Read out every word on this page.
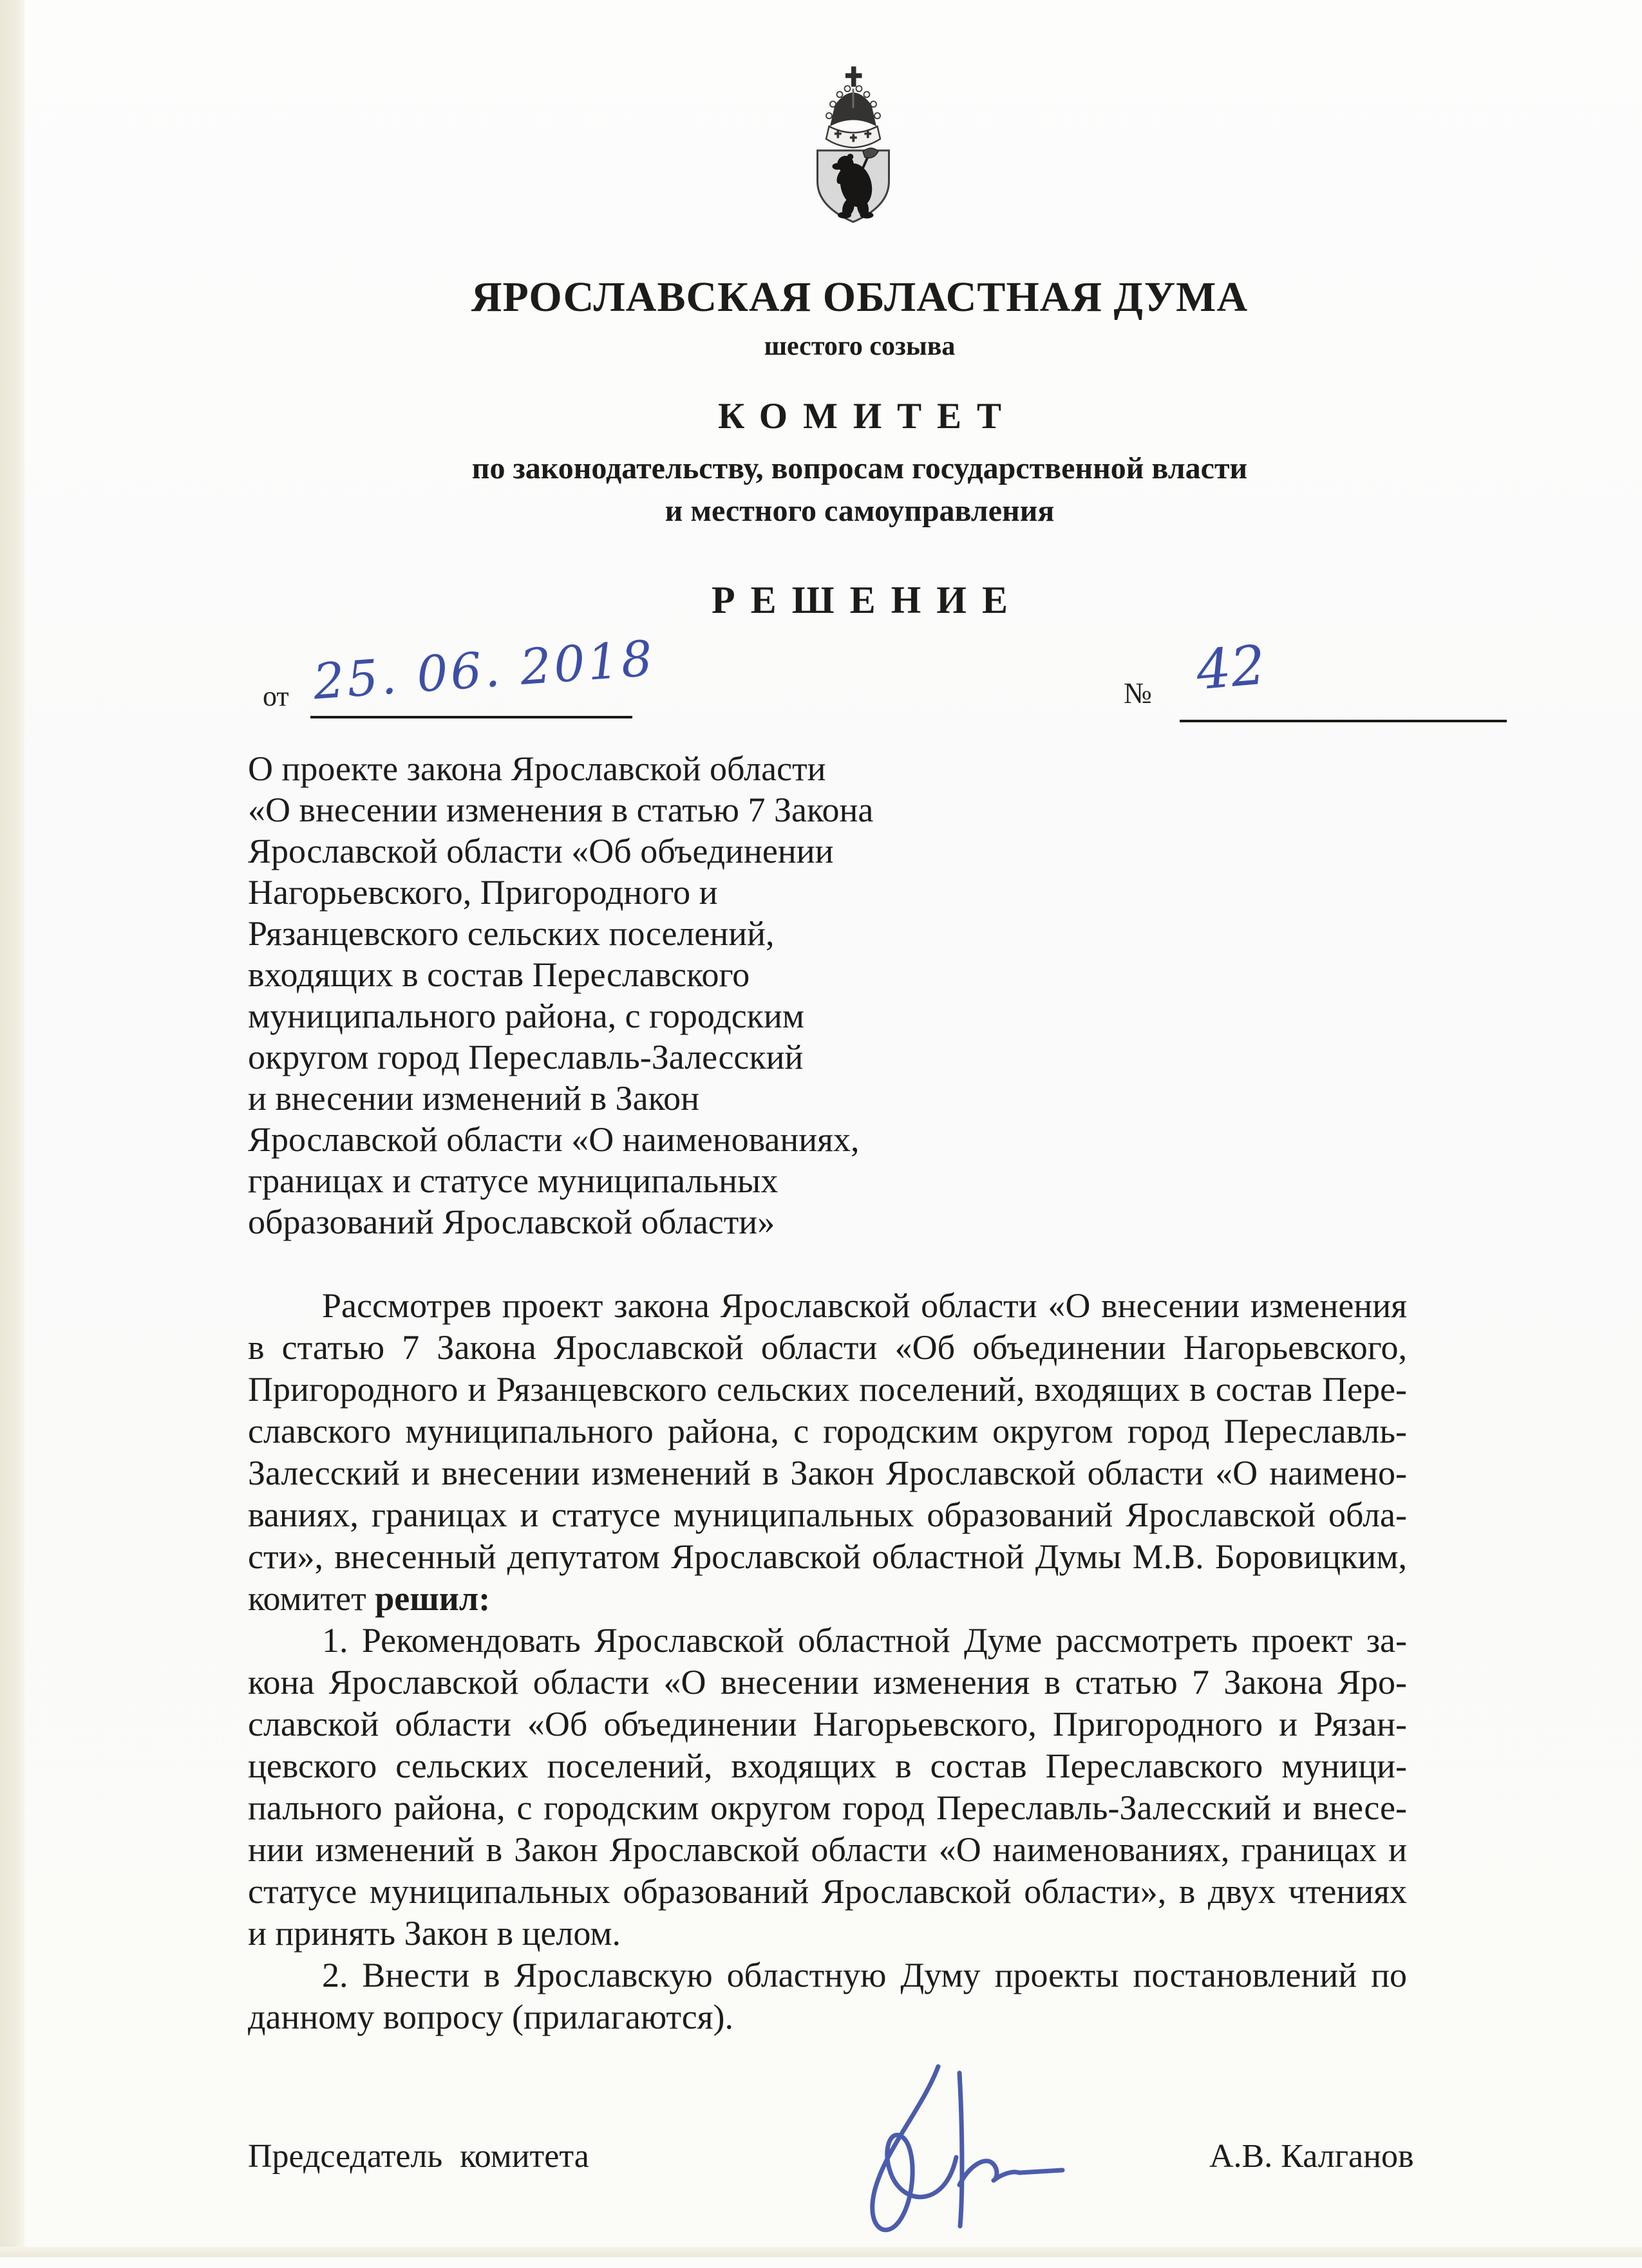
ЯРОСЛАВСКАЯ ОБЛАСТНАЯ ДУМА
шестого созыва
КОМИТЕТ
по законодательству, вопросам государственной власти
и местного самоуправления
РЕШЕНИЕ
от 25. 06. 2018	№ 42
О проекте закона Ярославской области
«О внесении изменения в статью 7 Закона
Ярославской области «Об объединении
Нагорьевского, Пригородного и
Рязанцевского сельских поселений,
входящих в состав Переславского
муниципального района, с городским
округом город Переславль-Залесский
и внесении изменений в Закон
Ярославской области «О наименованиях,
границах и статусе муниципальных
образований Ярославской области»
Рассмотрев проект закона Ярославской области «О внесении изменения
в статью 7 Закона Ярославской области «Об объединении Нагорьевского,
Пригородного и Рязанцевского сельских поселений, входящих в состав Пере-
славского муниципального района, с городским округом город Переславль-
Залесский и внесении изменений в Закон Ярославской области «О наимено-
ваниях, границах и статусе муниципальных образований Ярославской обла-
сти», внесенный депутатом Ярославской областной Думы М.В. Боровицким,
комитет решил:
1. Рекомендовать Ярославской областной Думе рассмотреть проект за-
кона Ярославской области «О внесении изменения в статью 7 Закона Яро-
славской области «Об объединении Нагорьевского, Пригородного и Рязан-
цевского сельских поселений, входящих в состав Переславского муници-
пального района, с городским округом город Переславль-Залесский и внесе-
нии изменений в Закон Ярославской области «О наименованиях, границах и
статусе муниципальных образований Ярославской области», в двух чтениях
и принять Закон в целом.
2. Внести в Ярославскую областную Думу проекты постановлений по
данному вопросу (прилагаются).
Председатель комитета	А.В. Калганов
